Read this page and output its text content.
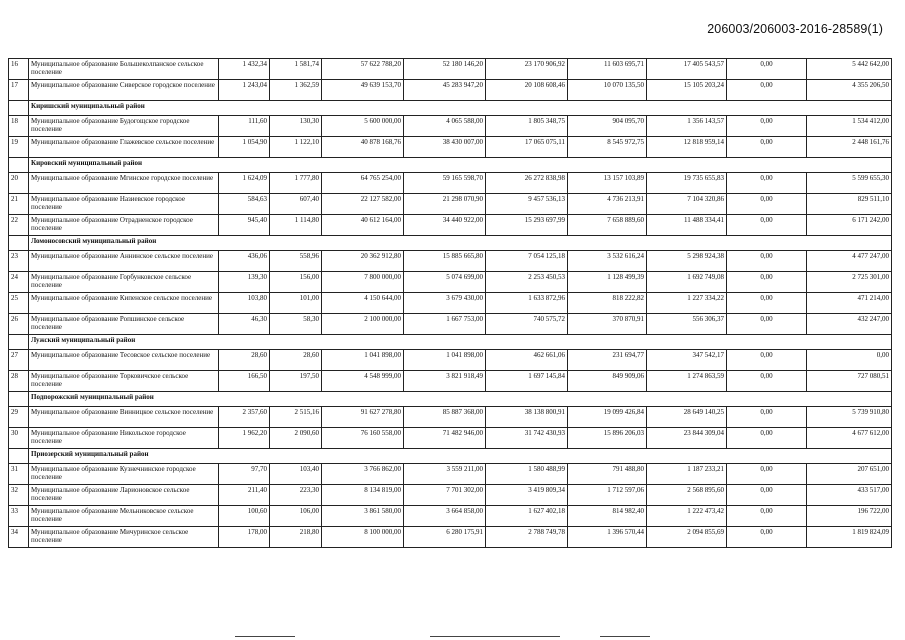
206003/206003-2016-28589(1)
16	Муниципальное образование Большеколпанское сельское поселение	1 432,34	1 581,74	57 622 788,20	52 180 146,20	23 170 906,92	11 603 695,71	17 405 543,57	0,00	5 442 642,00
17	Муниципальное образование Сиверское городское поселение	1 243,04	1 362,59	49 639 153,70	45 283 947,20	20 108 608,46	10 070 135,50	15 105 203,24	0,00	4 355 206,50
	Киришский муниципальный район									
18	Муниципальное образование Будогощское городское поселение	111,60	130,30	5 600 000,00	4 065 588,00	1 805 348,75	904 095,70	1 356 143,57	0,00	1 534 412,00
19	Муниципальное образование Глажевское сельское поселение	1 054,90	1 122,10	40 878 168,76	38 430 007,00	17 065 075,11	8 545 972,75	12 818 959,14	0,00	2 448 161,76
	Кировский муниципальный район									
20	Муниципальное образование Мгинское городское поселение	1 624,09	1 777,80	64 765 254,00	59 165 598,70	26 272 838,98	13 157 103,89	19 735 655,83	0,00	5 599 655,30
21	Муниципальное образование Назиевское городское поселение	584,63	607,40	22 127 582,00	21 298 070,90	9 457 536,13	4 736 213,91	7 104 320,86	0,00	829 511,10
22	Муниципальное образование Отрадненское городское поселение	945,40	1 114,80	40 612 164,00	34 440 922,00	15 293 697,99	7 658 889,60	11 488 334,41	0,00	6 171 242,00
	Ломоносовский муниципальный район									
23	Муниципальное образование Аннинское сельское поселение	436,06	558,96	20 362 912,80	15 885 665,80	7 054 125,18	3 532 616,24	5 298 924,38	0,00	4 477 247,00
24	Муниципальное образование Горбунковское сельское поселение	139,30	156,00	7 800 000,00	5 074 699,00	2 253 450,53	1 128 499,39	1 692 749,08	0,00	2 725 301,00
25	Муниципальное образование Кипенское сельское поселение	103,80	101,00	4 150 644,00	3 679 430,00	1 633 872,96	818 222,82	1 227 334,22	0,00	471 214,00
26	Муниципальное образование Ропшинское сельское поселение	46,30	58,30	2 100 000,00	1 667 753,00	740 575,72	370 870,91	556 306,37	0,00	432 247,00
	Лужский муниципальный район									
27	Муниципальное образование Тесовское сельское поселение	28,60	28,60	1 041 898,00	1 041 898,00	462 661,06	231 694,77	347 542,17	0,00	0,00
28	Муниципальное образование Торковичское сельское поселение	166,50	197,50	4 548 999,00	3 821 918,49	1 697 145,84	849 909,06	1 274 863,59	0,00	727 080,51
	Подпорожский муниципальный район									
29	Муниципальное образование Винницкое сельское поселение	2 357,60	2 515,16	91 627 278,80	85 887 368,00	38 138 800,91	19 099 426,84	28 649 140,25	0,00	5 739 910,80
30	Муниципальное образование Никольское городское поселение	1 962,20	2 090,60	76 160 558,00	71 482 946,00	31 742 430,93	15 896 206,03	23 844 309,04	0,00	4 677 612,00
	Приозерский муниципальный район									
31	Муниципальное образование Кузнечнинское городское поселение	97,70	103,40	3 766 862,00	3 559 211,00	1 580 488,99	791 488,80	1 187 233,21	0,00	207 651,00
32	Муниципальное образование Ларионовское сельское поселение	211,40	223,30	8 134 819,00	7 701 302,00	3 419 809,34	1 712 597,06	2 568 895,60	0,00	433 517,00
33	Муниципальное образование Мельниковское сельское поселение	100,60	106,00	3 861 580,00	3 664 858,00	1 627 402,18	814 982,40	1 222 473,42	0,00	196 722,00
34	Муниципальное образование Мичуринское сельское поселение	178,00	218,80	8 100 000,00	6 280 175,91	2 788 749,78	1 396 570,44	2 094 855,69	0,00	1 819 824,09
